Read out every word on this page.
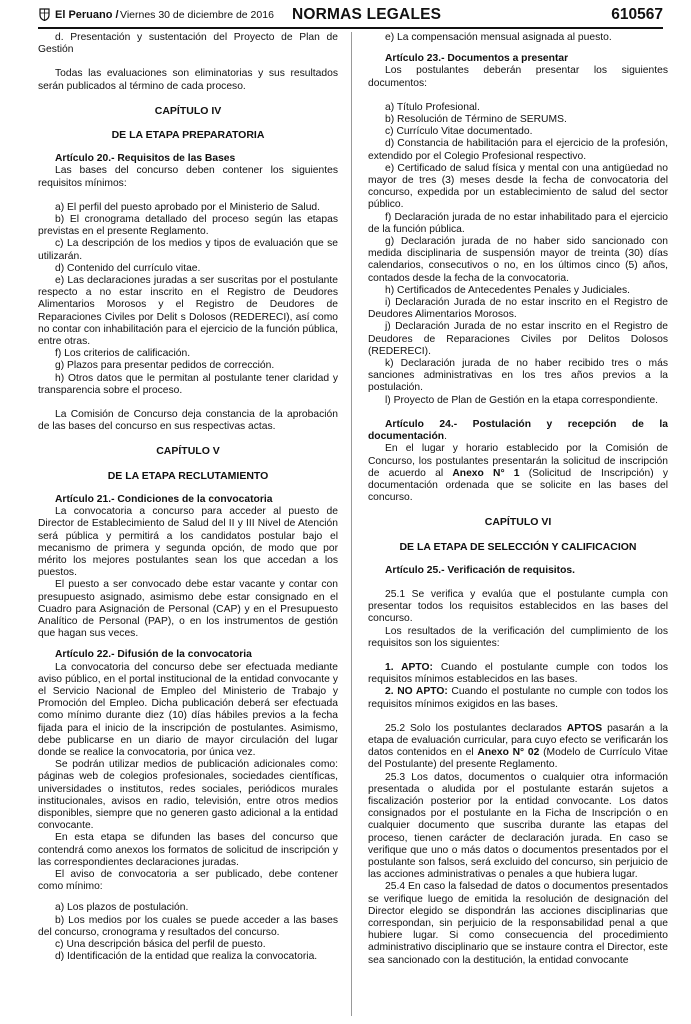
El Peruano / Viernes 30 de diciembre de 2016 NORMAS LEGALES	610567

d. Presentación y sustentación del Proyecto de Plan de Gestión

Todas las evaluaciones son eliminatorias y sus resultados serán publicados al término de cada proceso.

CAPÍTULO IV
DE LA ETAPA PREPARATORIA

Artículo 20.- Requisitos de las Bases

Las bases del concurso deben contener los siguientes requisitos mínimos:

a) El perfil del puesto aprobado por el Ministerio de Salud.

b) El cronograma detallado del proceso según las etapas previstas en el presente Reglamento.

c) La descripción de los medios y tipos de evaluación que se utilizarán.

d) Contenido del currículo vitae.

e) Las declaraciones juradas a ser suscritas por el postulante respecto a no estar inscrito en el Registro de Deudores Alimentarios Morosos y el Registro de Deudores de Reparaciones Civiles por Delit s Dolosos (REDERECI), así como no contar con inhabilitación para el ejercicio de la función pública, entre otras.

f) Los criterios de calificación.

g) Plazos para presentar pedidos de corrección.

h) Otros datos que le permitan al postulante tener claridad y transparencia sobre el proceso.

La Comisión de Concurso deja constancia de la aprobación de las bases del concurso en sus respectivas actas.

CAPÍTULO V
DE LA ETAPA RECLUTAMIENTO

Artículo 21.- Condiciones de la convocatoria

La convocatoria a concurso para acceder al puesto de Director de Establecimiento de Salud del II y III Nivel de Atención será pública y permitirá a los candidatos postular bajo el mecanismo de primera y segunda opción, de modo que por mérito los mejores postulantes sean los que accedan a los puestos.

El puesto a ser convocado debe estar vacante y contar con presupuesto asignado, asimismo debe estar consignado en el Cuadro para Asignación de Personal (CAP) y en el Presupuesto Analítico de Personal (PAP), o en los instrumentos de gestión que hagan sus veces.

Artículo 22.- Difusión de la convocatoria

La convocatoria del concurso debe ser efectuada mediante aviso público, en el portal institucional de la entidad convocante y el Servicio Nacional de Empleo del Ministerio de Trabajo y Promoción del Empleo. Dicha publicación deberá ser efectuada como mínimo durante diez (10) días hábiles previos a la fecha fijada para el inicio de la inscripción de postulantes. Asimismo, debe publicarse en un diario de mayor circulación del lugar donde se realice la convocatoria, por única vez.

Se podrán utilizar medios de publicación adicionales como: páginas web de colegios profesionales, sociedades científicas, universidades o institutos, redes sociales, periódicos murales institucionales, avisos en radio, televisión, entre otros medios disponibles, siempre que no generen gasto adicional a la entidad convocante.

En esta etapa se difunden las bases del concurso que contendrá como anexos los formatos de solicitud de inscripción y las correspondientes declaraciones juradas.

El aviso de convocatoria a ser publicado, debe contener como mínimo:

a) Los plazos de postulación.

b) Los medios por los cuales se puede acceder a las bases del concurso, cronograma y resultados del concurso.

c) Una descripción básica del perfil de puesto.

d) Identificación de la entidad que realiza la convocatoria.

e) La compensación mensual asignada al puesto.

Artículo 23.- Documentos a presentar

Los postulantes deberán presentar los siguientes documentos:

a) Título Profesional.

b) Resolución de Término de SERUMS.

c) Currículo Vitae documentado.

d) Constancia de habilitación para el ejercicio de la profesión, extendido por el Colegio Profesional respectivo.

e) Certificado de salud física y mental con una antigüedad no mayor de tres (3) meses desde la fecha de convocatoria del concurso, expedida por un establecimiento de salud del sector público.

f) Declaración jurada de no estar inhabilitado para el ejercicio de la función pública.

g) Declaración jurada de no haber sido sancionado con medida disciplinaria de suspensión mayor de treinta (30) días calendarios, consecutivos o no, en los últimos cinco (5) años, contados desde la fecha de la convocatoria.

h) Certificados de Antecedentes Penales y Judiciales.

i) Declaración Jurada de no estar inscrito en el Registro de Deudores Alimentarios Morosos.

j) Declaración Jurada de no estar inscrito en el Registro de Deudores de Reparaciones Civiles por Delitos Dolosos (REDERECI).

k) Declaración jurada de no haber recibido tres o más sanciones administrativas en los tres años previos a la postulación.

l) Proyecto de Plan de Gestión en la etapa correspondiente.

Artículo 24.- Postulación y recepción de la documentación.

En el lugar y horario establecido por la Comisión de Concurso, los postulantes presentarán la solicitud de inscripción de acuerdo al Anexo N° 1 (Solicitud de Inscripción) y documentación ordenada que se solicite en las bases del concurso.

CAPÍTULO VI
DE LA ETAPA DE SELECCIÓN Y CALIFICACION

Artículo 25.- Verificación de requisitos.

25.1 Se verifica y evalúa que el postulante cumpla con presentar todos los requisitos establecidos en las bases del concurso.

Los resultados de la verificación del cumplimiento de los requisitos son los siguientes:

1. APTO: Cuando el postulante cumple con todos los requisitos mínimos establecidos en las bases.

2. NO APTO: Cuando el postulante no cumple con todos los requisitos mínimos exigidos en las bases.

25.2 Solo los postulantes declarados APTOS pasarán a la etapa de evaluación curricular, para cuyo efecto se verificarán los datos contenidos en el Anexo N° 02 (Modelo de Currículo Vitae del Postulante) del presente Reglamento.

25.3 Los datos, documentos o cualquier otra información presentada o aludida por el postulante estarán sujetos a fiscalización posterior por la entidad convocante. Los datos consignados por el postulante en la Ficha de Inscripción o en cualquier documento que suscriba durante las etapas del proceso, tienen carácter de declaración jurada. En caso se verifique que uno o más datos o documentos presentados por el postulante son falsos, será excluido del concurso, sin perjuicio de las acciones administrativas o penales a que hubiera lugar.

25.4 En caso la falsedad de datos o documentos presentados se verifique luego de emitida la resolución de designación del Director elegido se dispondrán las acciones disciplinarias que correspondan, sin perjuicio de la responsabilidad penal a que hubiere lugar. Si como consecuencia del procedimiento administrativo disciplinario que se instaure contra el Director, este sea sancionado con la destitución, la entidad convocante
